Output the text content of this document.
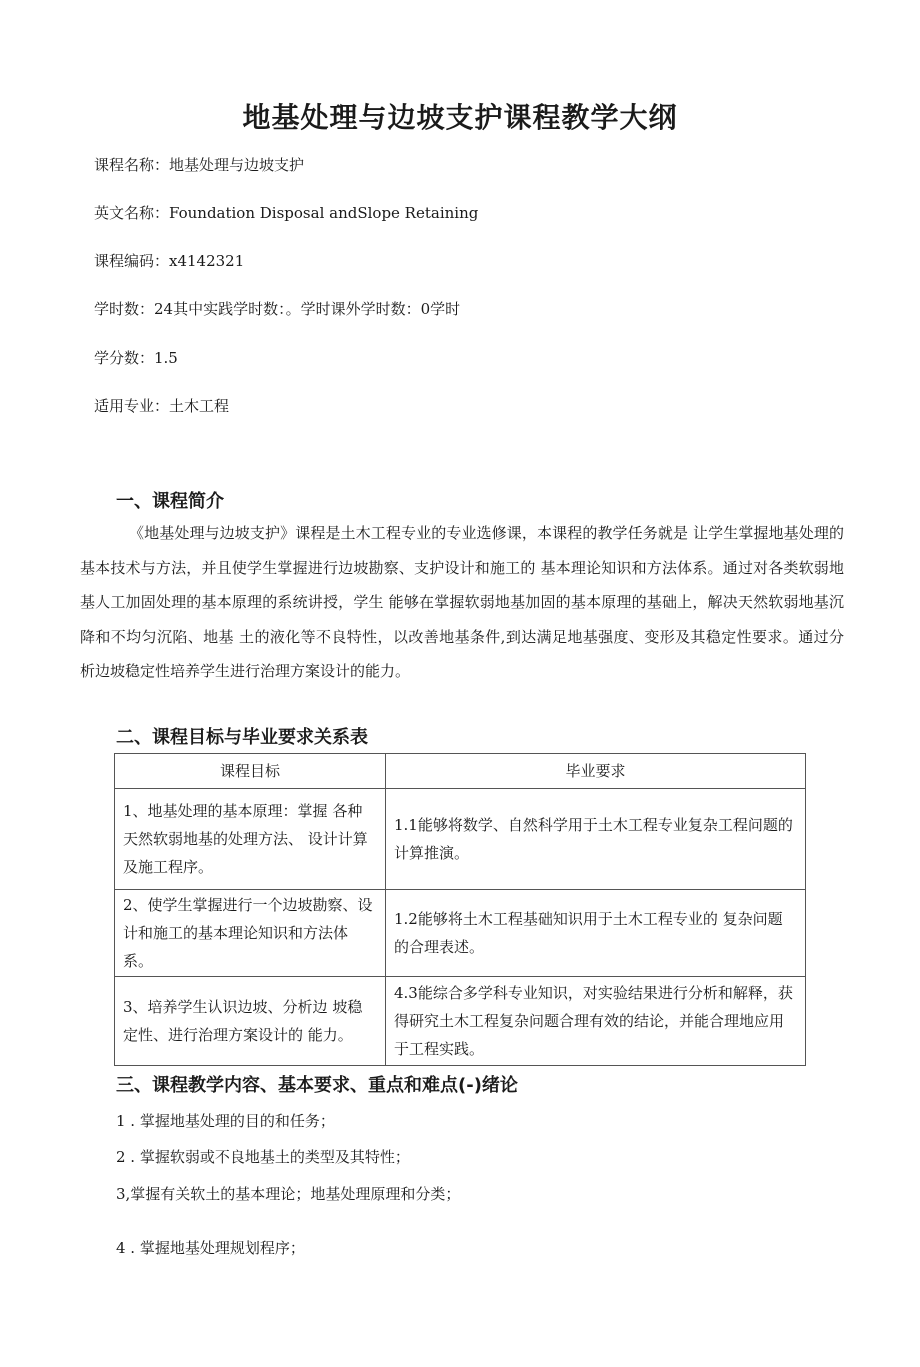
地基处理与边坡支护课程教学大纲
课程名称：地基处理与边坡支护
英文名称：Foundation Disposal andSlope Retaining
课程编码：x4142321
学时数：24其中实践学时数：。学时课外学时数：0学时
学分数：1.5
适用专业：土木工程
一、课程简介

《地基处理与边坡支护》课程是土木工程专业的专业选修课，本课程的教学任务就是 让学生掌握地基处理的基本技术与方法，并且使学生掌握进行边坡勘察、支护设计和施工的 基本理论知识和方法体系。通过对各类软弱地基人工加固处理的基本原理的系统讲授，学生 能够在掌握软弱地基加固的基本原理的基础上，解决天然软弱地基沉降和不均匀沉陷、地基 土的液化等不良特性，以改善地基条件,到达满足地基强度、变形及其稳定性要求。通过分 析边坡稳定性培养学生进行治理方案设计的能力。

二、课程目标与毕业要求关系表
课程目标	毕业要求
1、地基处理的基本原理：掌握 各种天然软弱地基的处理方法、 设计计算及施工程序。	1.1能够将数学、自然科学用于土木工程专业复杂工程问题的计算推演。
2、使学生掌握进行一个边坡勘察、设计和施工的基本理论知识和方法体系。	1.2能够将土木工程基础知识用于土木工程专业的 复杂问题的合理表述。
3、培养学生认识边坡、分析边 坡稳定性、进行治理方案设计的 能力。	4.3能综合多学科专业知识，对实验结果进行分析和解释，获得研究土木工程复杂问题合理有效的结论，并能合理地应用于工程实践。
三、课程教学内容、基本要求、重点和难点(-)绪论
1 . 掌握地基处理的目的和任务；
2 . 掌握软弱或不良地基土的类型及其特性；
3,掌握有关软土的基本理论；地基处理原理和分类；
4 . 掌握地基处理规划程序；
